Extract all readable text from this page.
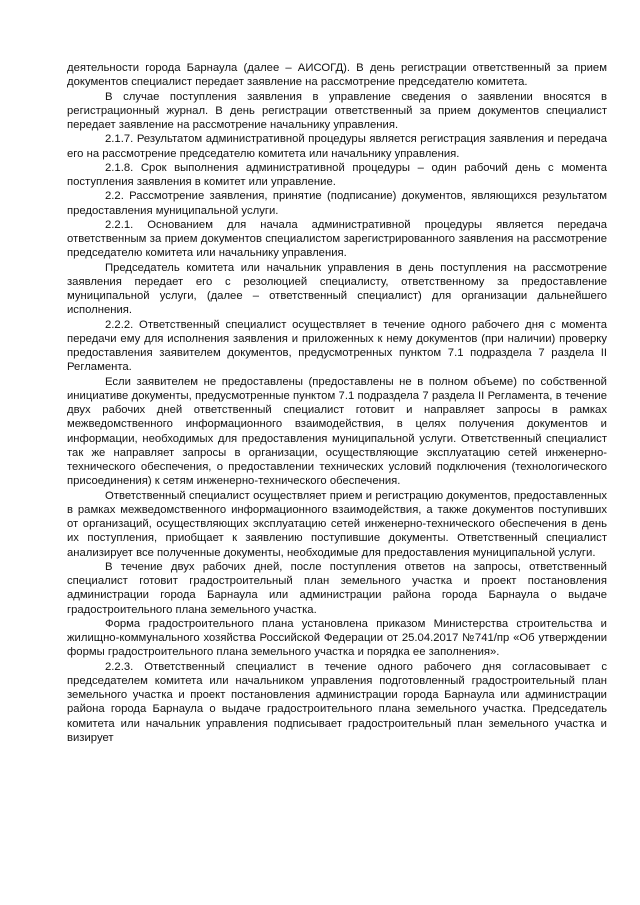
деятельности города Барнаула (далее – АИСОГД). В день регистрации ответственный за прием документов специалист передает заявление на рассмотрение председателю комитета.

В случае поступления заявления в управление сведения о заявлении вносятся в регистрационный журнал. В день регистрации ответственный за прием документов специалист передает заявление на рассмотрение начальнику управления.

2.1.7. Результатом административной процедуры является регистрация заявления и передача его на рассмотрение председателю комитета или начальнику управления.

2.1.8. Срок выполнения административной процедуры – один рабочий день с момента поступления заявления в комитет или управление.

2.2. Рассмотрение заявления, принятие (подписание) документов, являющихся результатом предоставления муниципальной услуги.

2.2.1. Основанием для начала административной процедуры является передача ответственным за прием документов специалистом зарегистрированного заявления на рассмотрение председателю комитета или начальнику управления.

Председатель комитета или начальник управления в день поступления на рассмотрение заявления передает его с резолюцией специалисту, ответственному за предоставление муниципальной услуги, (далее – ответственный специалист) для организации дальнейшего исполнения.

2.2.2. Ответственный специалист осуществляет в течение одного рабочего дня с момента передачи ему для исполнения заявления и приложенных к нему документов (при наличии) проверку предоставления заявителем документов, предусмотренных пунктом 7.1 подраздела 7 раздела II Регламента.

Если заявителем не предоставлены (предоставлены не в полном объеме) по собственной инициативе документы, предусмотренные пунктом 7.1 подраздела 7 раздела II Регламента, в течение двух рабочих дней ответственный специалист готовит и направляет запросы в рамках межведомственного информационного взаимодействия, в целях получения документов и информации, необходимых для предоставления муниципальной услуги. Ответственный специалист так же направляет запросы в организации, осуществляющие эксплуатацию сетей инженерно-технического обеспечения, о предоставлении технических условий подключения (технологического присоединения) к сетям инженерно-технического обеспечения.

Ответственный специалист осуществляет прием и регистрацию документов, предоставленных в рамках межведомственного информационного взаимодействия, а также документов поступивших от организаций, осуществляющих эксплуатацию сетей инженерно-технического обеспечения в день их поступления, приобщает к заявлению поступившие документы. Ответственный специалист анализирует все полученные документы, необходимые для предоставления муниципальной услуги.

В течение двух рабочих дней, после поступления ответов на запросы, ответственный специалист готовит градостроительный план земельного участка и проект постановления администрации города Барнаула или администрации района города Барнаула о выдаче градостроительного плана земельного участка.

Форма градостроительного плана установлена приказом Министерства строительства и жилищно-коммунального хозяйства Российской Федерации от 25.04.2017 №741/пр «Об утверждении формы градостроительного плана земельного участка и порядка ее заполнения».

2.2.3. Ответственный специалист в течение одного рабочего дня согласовывает с председателем комитета или начальником управления подготовленный градостроительный план земельного участка и проект постановления администрации города Барнаула или администрации района города Барнаула о выдаче градостроительного плана земельного участка. Председатель комитета или начальник управления подписывает градостроительный план земельного участка и визирует
